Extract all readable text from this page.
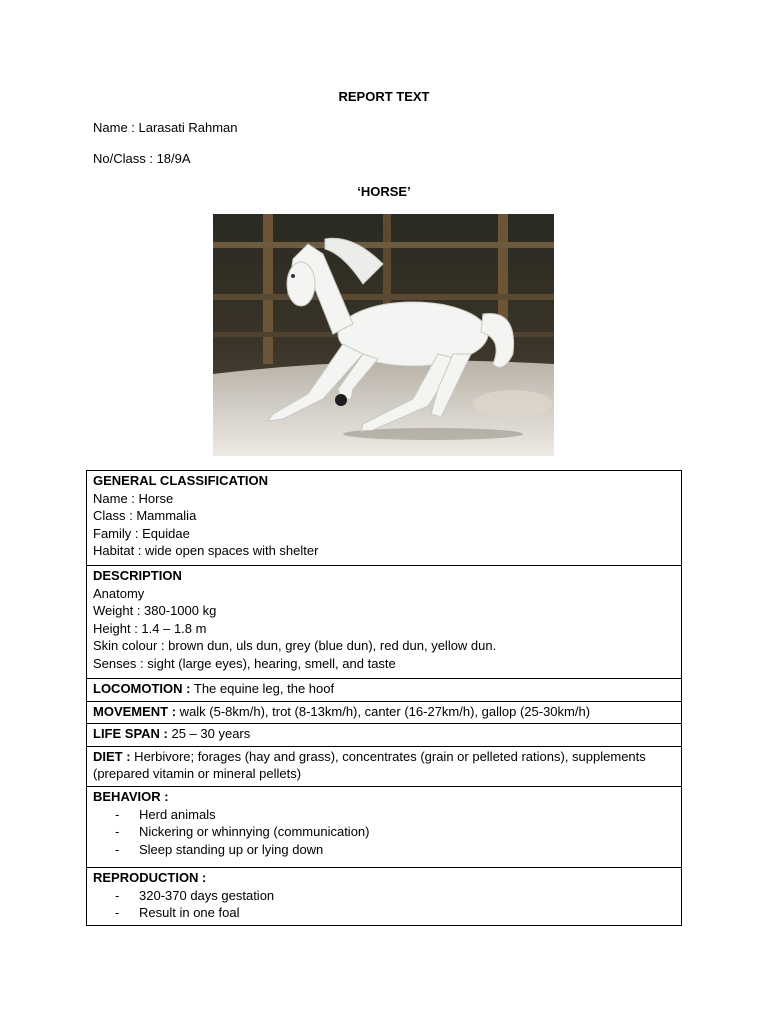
REPORT TEXT
Name : Larasati Rahman
No/Class : 18/9A
‘HORSE’
GENERAL CLASSIFICATION
Name : Horse
Class : Mammalia
Family : Equidae
Habitat : wide open spaces with shelter

DESCRIPTION
Anatomy
Weight : 380-1000 kg
Height : 1.4 – 1.8 m
Skin colour : brown dun, uls dun, grey (blue dun), red dun, yellow dun.
Senses : sight (large eyes), hearing, smell, and taste

LOCOMOTION : The equine leg, the hoof
MOVEMENT : walk (5-8km/h), trot (8-13km/h), canter (16-27km/h), gallop (25-30km/h)
LIFE SPAN : 25 – 30 years
DIET : Herbivore; forages (hay and grass), concentrates (grain or pelleted rations), supplements (prepared vitamin or mineral pellets)

BEHAVIOR :
- Herd animals
- Nickering or whinnying (communication)
- Sleep standing up or lying down

REPRODUCTION :
- 320-370 days gestation
- Result in one foal
